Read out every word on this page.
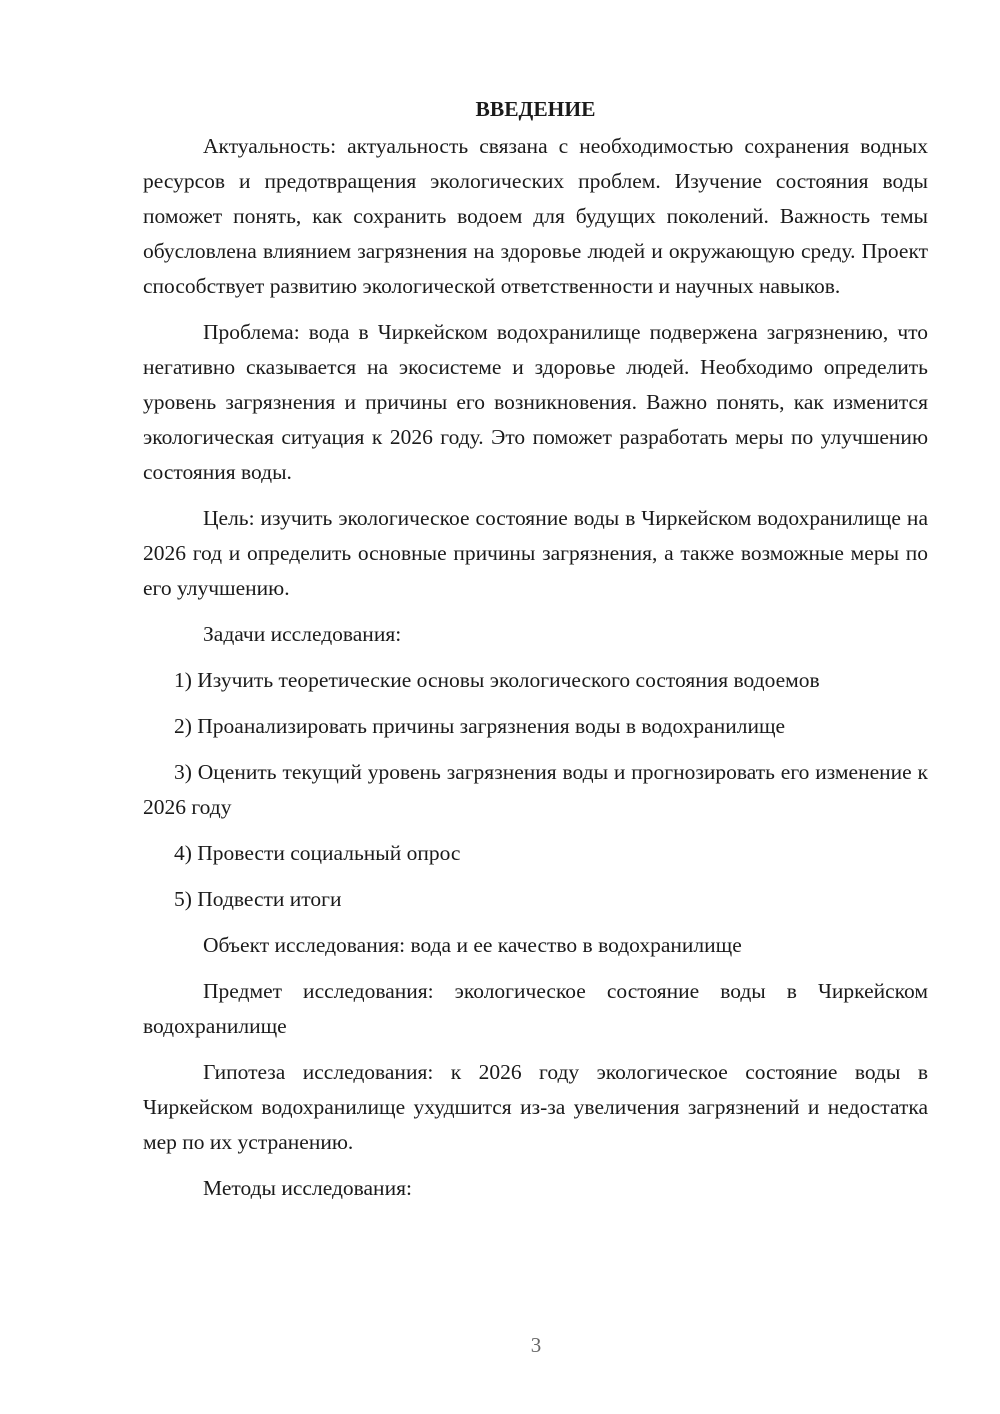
ВВЕДЕНИЕ

Актуальность: актуальность связана с необходимостью сохранения водных ресурсов и предотвращения экологических проблем. Изучение состояния воды поможет понять, как сохранить водоем для будущих поколений. Важность темы обусловлена влиянием загрязнения на здоровье людей и окружающую среду. Проект способствует развитию экологической ответственности и научных навыков.

Проблема: вода в Чиркейском водохранилище подвержена загрязнению, что негативно сказывается на экосистеме и здоровье людей. Необходимо определить уровень загрязнения и причины его возникновения. Важно понять, как изменится экологическая ситуация к 2026 году. Это поможет разработать меры по улучшению состояния воды.

Цель: изучить экологическое состояние воды в Чиркейском водохранилище на 2026 год и определить основные причины загрязнения, а также возможные меры по его улучшению.

Задачи исследования:

1) Изучить теоретические основы экологического состояния водоемов

2) Проанализировать причины загрязнения воды в водохранилище

3) Оценить текущий уровень загрязнения воды и прогнозировать его изменение к 2026 году

4) Провести социальный опрос

5) Подвести итоги

Объект исследования: вода и ее качество в водохранилище

Предмет исследования: экологическое состояние воды в Чиркейском водохранилище

Гипотеза исследования: к 2026 году экологическое состояние воды в Чиркейском водохранилище ухудшится из-за увеличения загрязнений и недостатка мер по их устранению.

Методы исследования:

3
